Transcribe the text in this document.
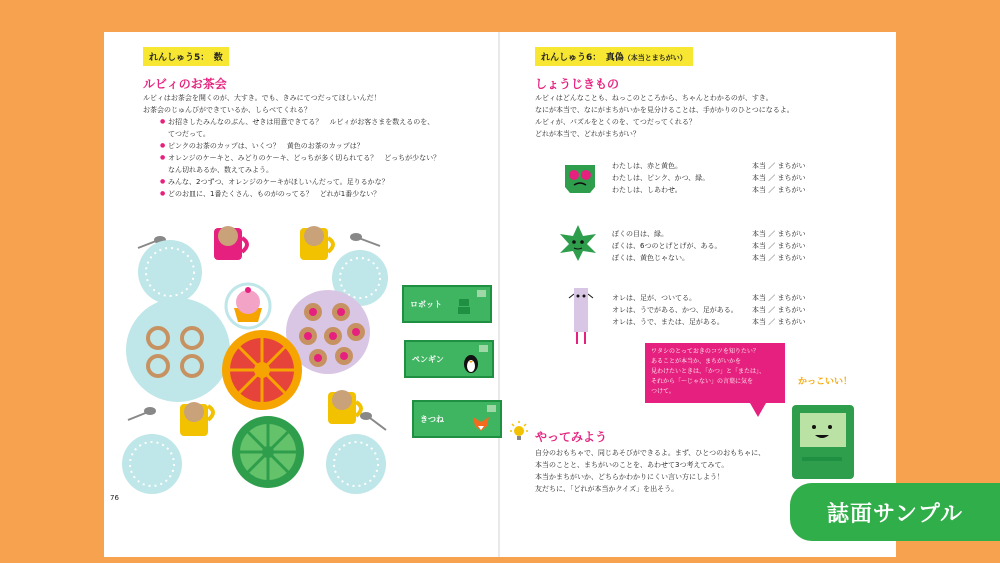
れんしゅう5：　数
ルビィのお茶会
ルビィはお茶会を開くのが、大すき。でも、きみにてつだってほしいんだ！
お茶会のじゅんびができているか、しらべてくれる？
● お招きしたみんなのぶん、せきは用意できてる？　ルビィがお客さまを数えるのを、
てつだって。
● ピンクのお茶のカップは、いくつ？　黄色のお茶のカップは？
● オレンジのケーキと、みどりのケーキ、どっちが多く切られてる？　どっちが少ない？
なん切れあるか、数えてみよう。
● みんな、2つずつ、オレンジのケーキがほしいんだって。足りるかな？
● どのお皿に、1番たくさん、ものがのってる？　どれが1番少ない？
ロボット
ペンギン
きつね
76
れんしゅう6：　真偽（本当とまちがい）
しょうじきもの
ルビィはどんなことも、ねっこのところから、ちゃんとわかるのが、すき。
なにが本当で、なにがまちがいかを見分けることは、手がかりのひとつになるよ。
ルビィが、パズルをとくのを、てつだってくれる？
どれが本当で、どれがまちがい？
わたしは、赤と黄色。
わたしは、ピンク、かつ、緑。
わたしは、しあわせ。
本当 ／ まちがい
本当 ／ まちがい
本当 ／ まちがい
ぼくの目は、緑。
ぼくは、6つのとげとげが、ある。
ぼくは、黄色じゃない。
本当 ／ まちがい
本当 ／ まちがい
本当 ／ まちがい
オレは、足が、ついてる。
オレは、うでがある、かつ、足がある。
オレは、うで、または、足がある。
本当 ／ まちがい
本当 ／ まちがい
本当 ／ まちがい
ワタシのとっておきのコツを知りたい？
あることが本当か、まちがいかを
見わけたいときは、「かつ」と「または」、
それから「〜じゃない」の言葉に気を
つけて。
かっこいい！
やってみよう
自分のおもちゃで、同じあそびができるよ。まず、ひとつのおもちゃに、
本当のことと、まちがいのことを、あわせて3つ考えてみて。
本当かまちがいか、どちらかわかりにくい言い方にしよう！
友だちに、「どれが本当かクイズ」を出そう。
誌面サンプル
